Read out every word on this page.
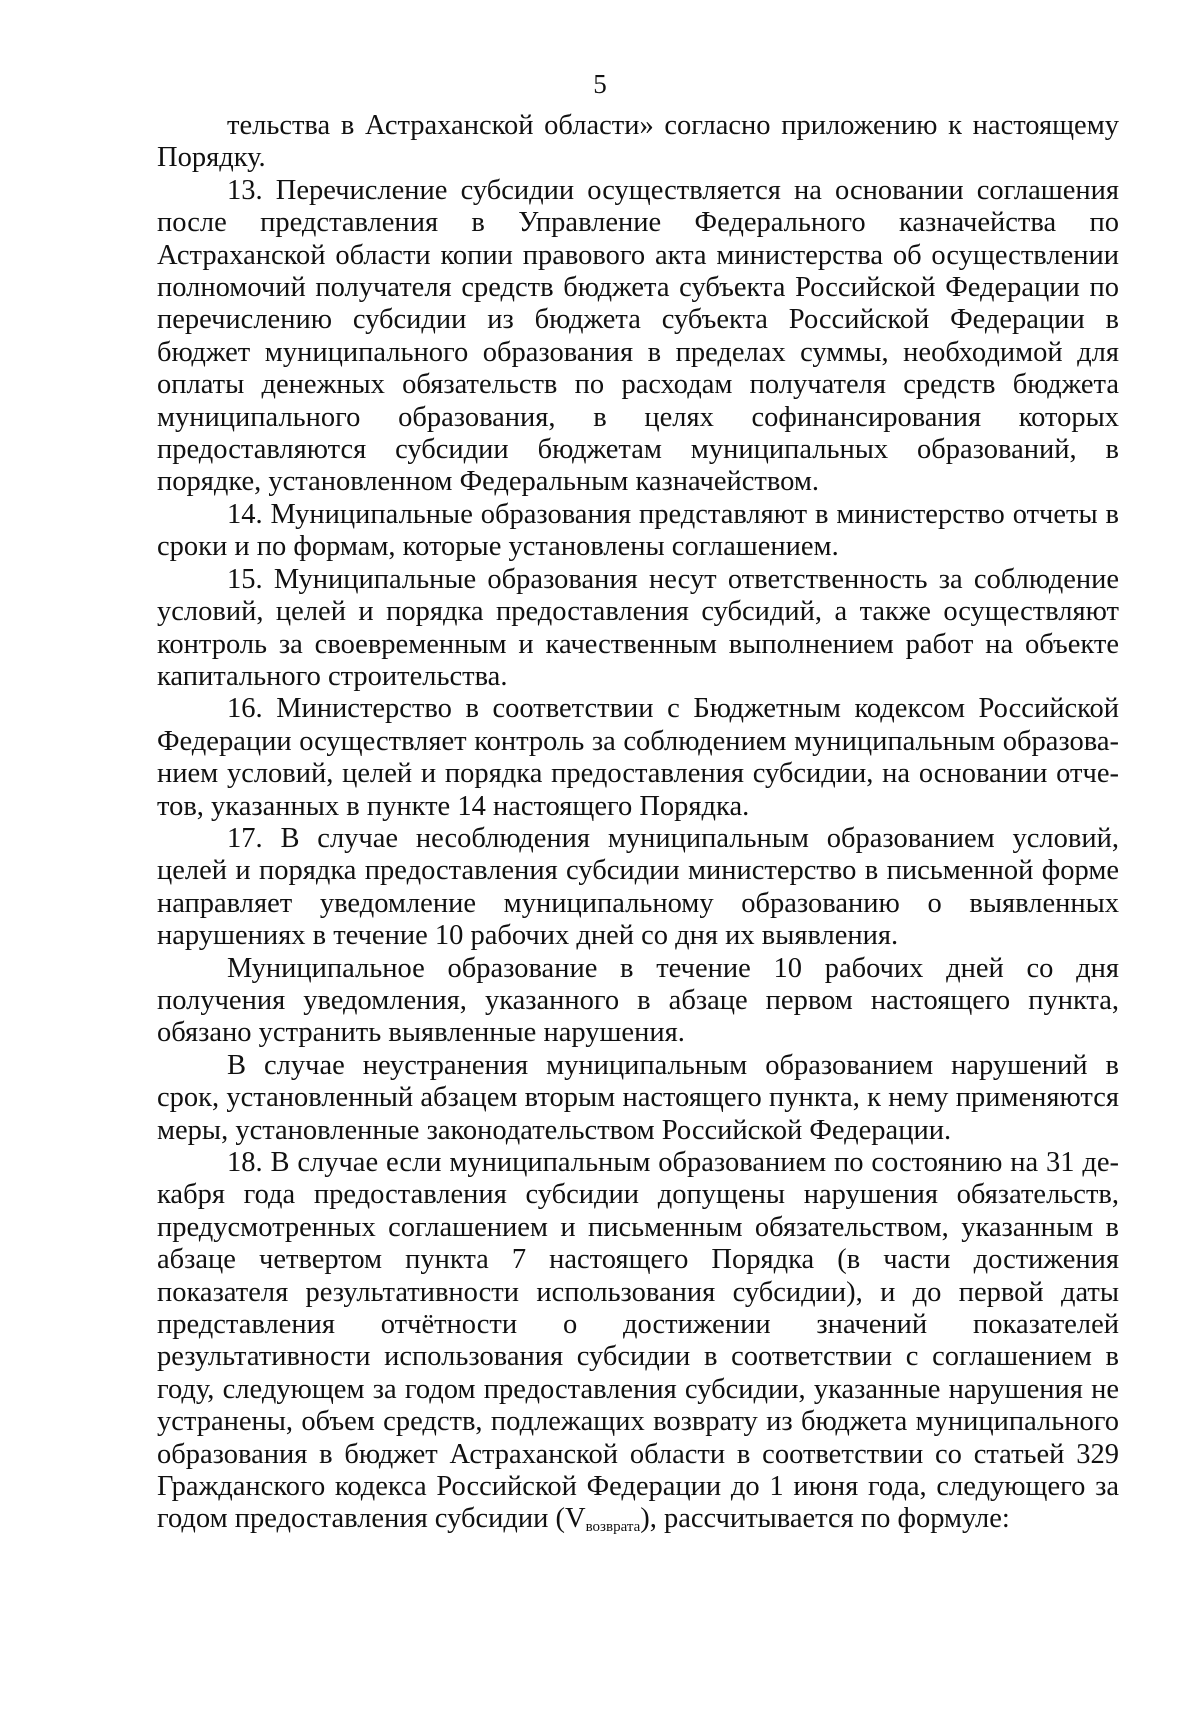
5

тельства в Астраханской области» согласно приложению к настоящему Порядку.

13. Перечисление субсидии осуществляется на основании соглашения после представления в Управление Федерального казначейства по Астраханской области копии правового акта министерства об осуществлении полномочий получателя средств бюджета субъекта Российской Федерации по перечислению субсидии из бюджета субъекта Российской Федерации в бюджет муниципального образования в пределах суммы, необходимой для оплаты денежных обязательств по расходам получателя средств бюджета муниципального образования, в целях софинансирования которых предоставляются субсидии бюджетам муниципальных образований, в порядке, установленном Федеральным казначейством.

14. Муниципальные образования представляют в министерство отчеты в сроки и по формам, которые установлены соглашением.

15. Муниципальные образования несут ответственность за соблюдение условий, целей и порядка предоставления субсидий, а также осуществляют контроль за своевременным и качественным выполнением работ на объекте капитального строительства.

16. Министерство в соответствии с Бюджетным кодексом Российской Федерации осуществляет контроль за соблюдением муниципальным образованием условий, целей и порядка предоставления субсидии, на основании отчетов, указанных в пункте 14 настоящего Порядка.

17. В случае несоблюдения муниципальным образованием условий, целей и порядка предоставления субсидии министерство в письменной форме направляет уведомление муниципальному образованию о выявленных нарушениях в течение 10 рабочих дней со дня их выявления.

Муниципальное образование в течение 10 рабочих дней со дня получения уведомления, указанного в абзаце первом настоящего пункта, обязано устранить выявленные нарушения.

В случае неустранения муниципальным образованием нарушений в срок, установленный абзацем вторым настоящего пункта, к нему применяются меры, установленные законодательством Российской Федерации.

18. В случае если муниципальным образованием по состоянию на 31 декабря года предоставления субсидии допущены нарушения обязательств, предусмотренных соглашением и письменным обязательством, указанным в абзаце четвертом пункта 7 настоящего Порядка (в части достижения показателя результативности использования субсидии), и до первой даты представления отчётности о достижении значений показателей результативности использования субсидии в соответствии с соглашением в году, следующем за годом предоставления субсидии, указанные нарушения не устранены, объем средств, подлежащих возврату из бюджета муниципального образования в бюджет Астраханской области в соответствии со статьей 329 Гражданского кодекса Российской Федерации до 1 июня года, следующего за годом предоставления субсидии $(V_{возврата})$, рассчитывается по формуле:
